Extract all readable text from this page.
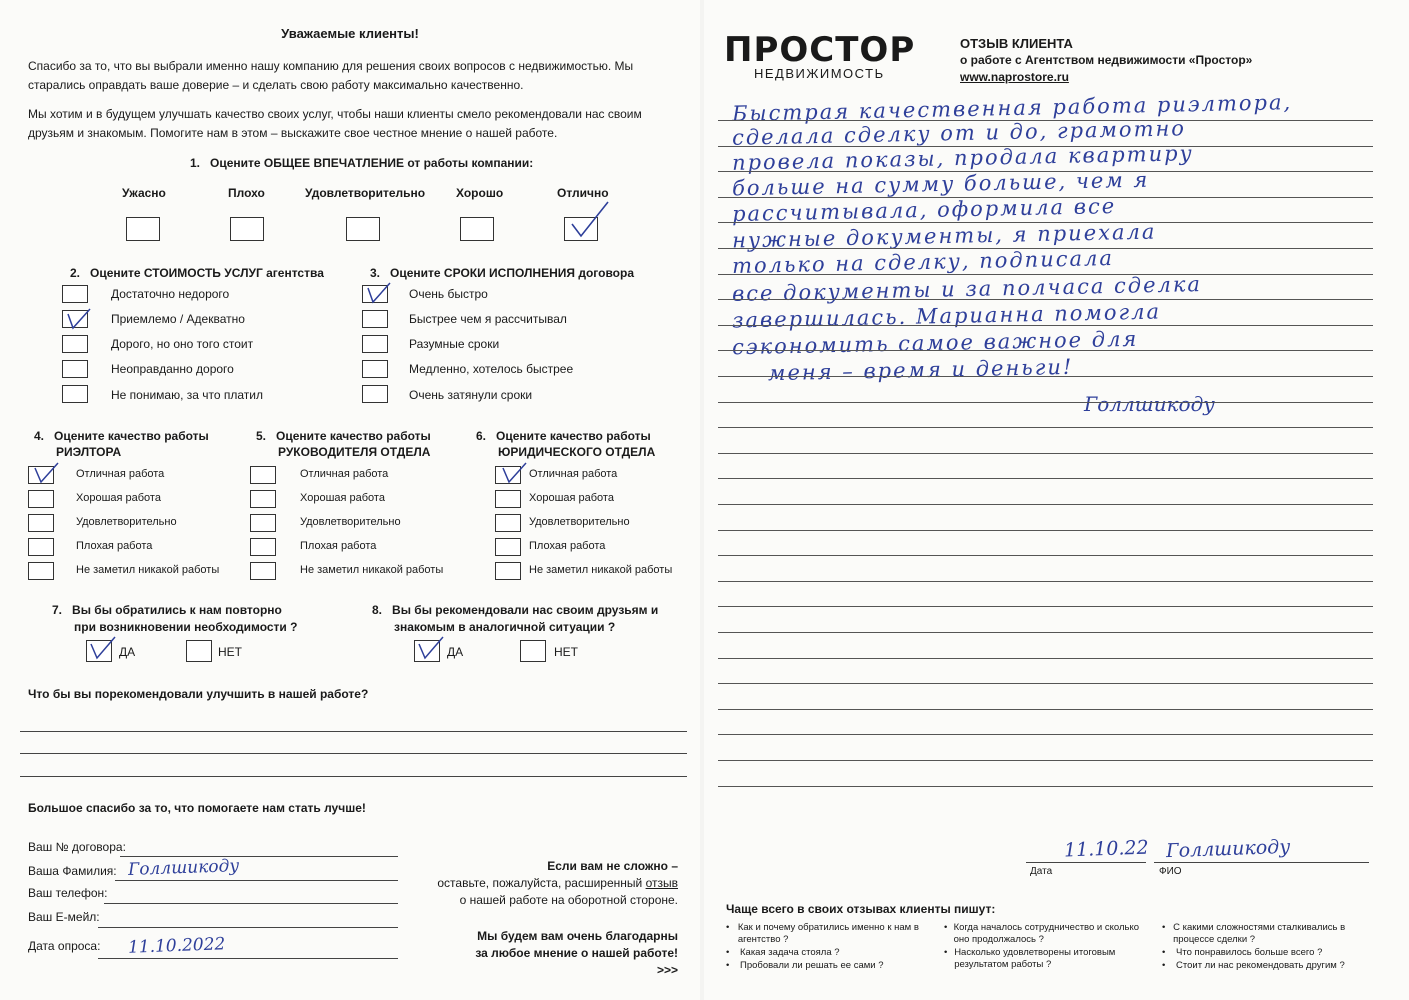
Уважаемые клиенты!
Спасибо за то, что вы выбрали именно нашу компанию для решения своих вопросов с недвижимостью. Мы старались оправдать ваше доверие – и сделать свою работу максимально качественно.
Мы хотим и в будущем улучшать качество своих услуг, чтобы наши клиенты смело рекомендовали нас своим друзьям и знакомым. Помогите нам в этом – выскажите свое честное мнение о нашей работе.
1. Оцените ОБЩЕЕ ВПЕЧАТЛЕНИЕ от работы компании:
Ужасно	Плохо	Удовлетворительно	Хорошо	Отлично
2. Оцените СТОИМОСТЬ УСЛУГ агентства
Достаточно недорого
Приемлемо / Адекватно
Дорого, но оно того стоит
Неоправданно дорого
Не понимаю, за что платил
3. Оцените СРОКИ ИСПОЛНЕНИЯ договора
Очень быстро
Быстрее чем я рассчитывал
Разумные сроки
Медленно, хотелось быстрее
Очень затянули сроки
4. Оцените качество работы
РИЭЛТОРА
Отличная работа
Хорошая работа
Удовлетворительно
Плохая работа
Не заметил никакой работы
5. Оцените качество работы
РУКОВОДИТЕЛЯ ОТДЕЛА
Отличная работа
Хорошая работа
Удовлетворительно
Плохая работа
Не заметил никакой работы
6. Оцените качество работы
ЮРИДИЧЕСКОГО ОТДЕЛА
Отличная работа
Хорошая работа
Удовлетворительно
Плохая работа
Не заметил никакой работы
7. Вы бы обратились к нам повторно
при возникновении необходимости ?
ДА	НЕТ
8. Вы бы рекомендовали нас своим друзьям и
знакомым в аналогичной ситуации ?
ДА	НЕТ
Что бы вы порекомендовали улучшить в нашей работе?
Большое спасибо за то, что помогаете нам стать лучше!
Ваш № договора:
Ваша Фамилия: Голлшикоду
Ваш телефон:
Ваш E-мейл:
Дата опроса: 11.10.2022
Если вам не сложно –
оставьте, пожалуйста, расширенный отзыв
о нашей работе на оборотной стороне.
Мы будем вам очень благодарны
за любое мнение о нашей работе!
>>>
ПРОСТОР
НЕДВИЖИМОСТЬ
ОТЗЫВ КЛИЕНТА
о работе с Агентством недвижимости «Простор»
www.naprostore.ru
Быстрая качественная работа риэлтора,
сделала сделку от и до, грамотно
провела показы, продала квартиру
больше на сумму больше, чем я
рассчитывала, оформила все
нужные документы, я приехала
только на сделку, подписала
все документы и за полчаса сделка
завершилась. Марианна помогла
сэкономить самое важное для
меня – время и деньги!
Голлшикоду
11.10.22 Голлшикоду
Дата	ФИО
Чаще всего в своих отзывах клиенты пишут:
• Как и почему обратились именно к нам в агентство ?
•	Какая задача стояла ?
•	Пробовали ли решать ее сами ?
• Когда началось сотрудничество и сколько оно продолжалось ?
• Насколько удовлетворены итоговым результатом работы ?
• С какими сложностями сталкивались в процессе сделки ?
•	Что понравилось больше всего ?
•	Стоит ли нас рекомендовать другим ?
